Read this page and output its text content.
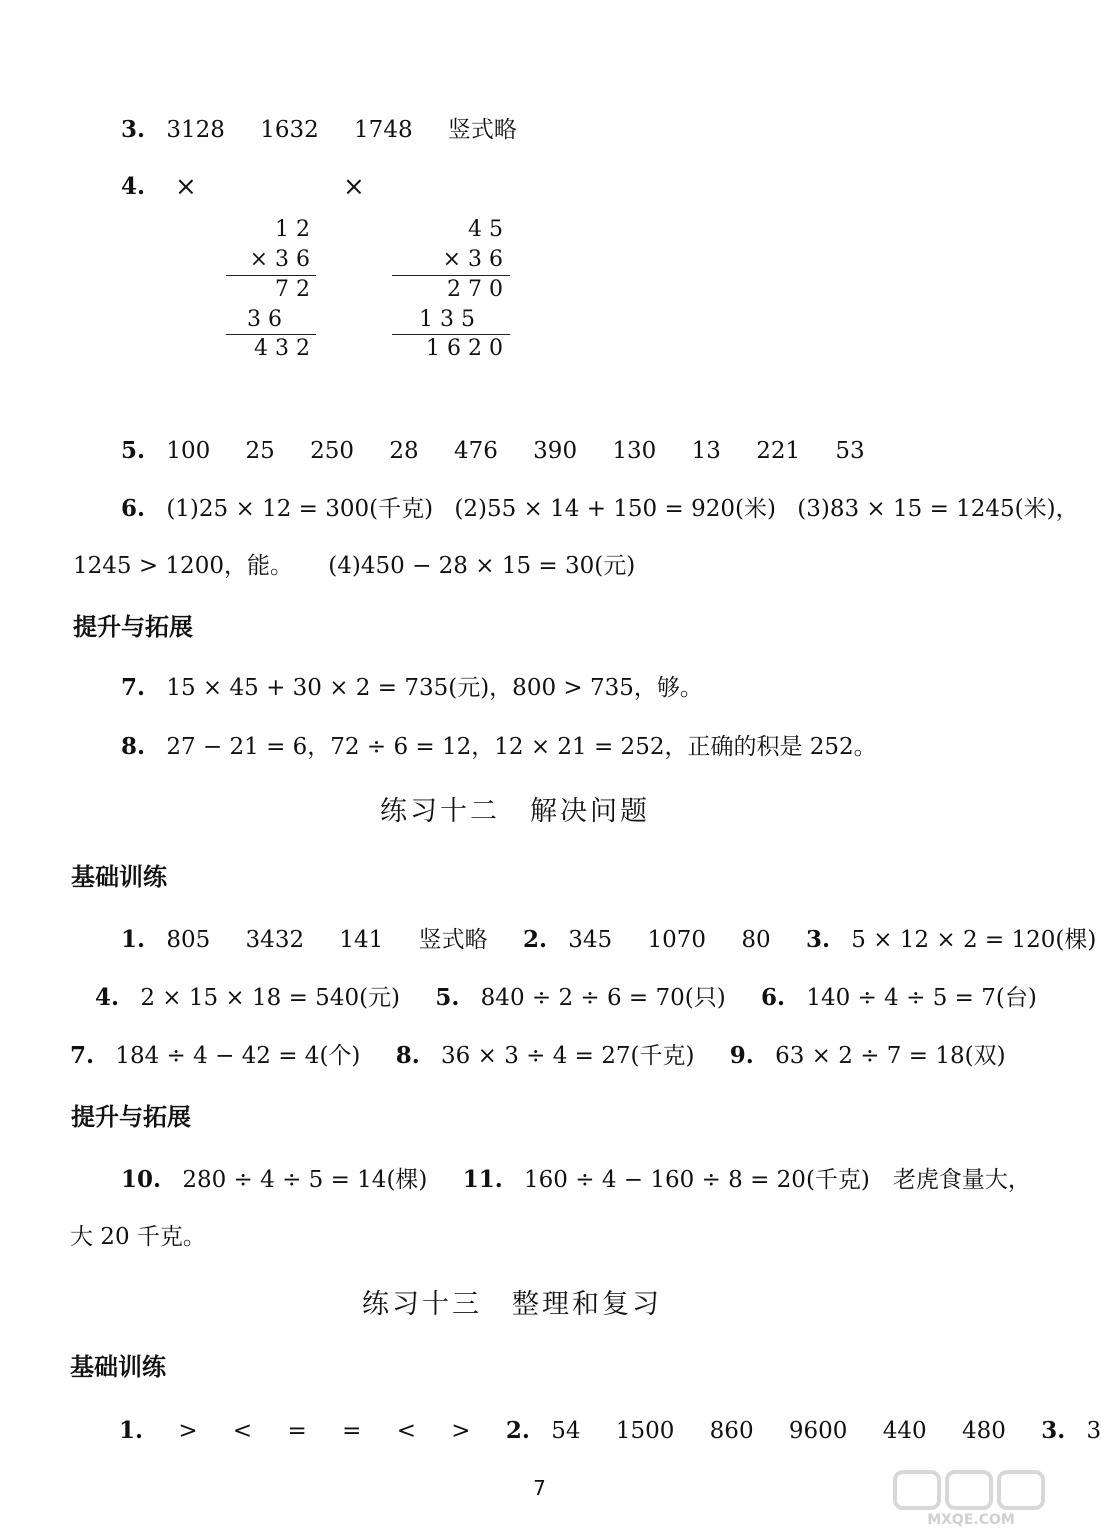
3. 3128 1632 1748 竖式略
4. ×	×
1 2
× 3 6
7 2
3 6
4 3 2
4 5
× 3 6
2 7 0
1 3 5
1 6 2 0
5. 100 25 250 28 476 390 130 13 221 53
6. (1)25 × 12 = 300(千克) (2)55 × 14 + 150 = 920(米) (3)83 × 15 = 1245(米)，
1245 > 1200，能。 (4)450 − 28 × 15 = 30(元)
提升与拓展
7. 15 × 45 + 30 × 2 = 735(元)，800 > 735，够。
8. 27 − 21 = 6，72 ÷ 6 = 12，12 × 21 = 252，正确的积是 252。
练习十二　解决问题
基础训练
1. 805 3432 141 竖式略 2. 345 1070 80 3. 5 × 12 × 2 = 120(棵)
4. 2 × 15 × 18 = 540(元) 5. 840 ÷ 2 ÷ 6 = 70(只) 6. 140 ÷ 4 ÷ 5 = 7(台)
7. 184 ÷ 4 − 42 = 4(个) 8. 36 × 3 ÷ 4 = 27(千克) 9. 63 × 2 ÷ 7 = 18(双)
提升与拓展
10. 280 ÷ 4 ÷ 5 = 14(棵) 11. 160 ÷ 4 − 160 ÷ 8 = 20(千克)　老虎食量大，
大 20 千克。
练习十三　整理和复习
基础训练
1. > < = = < > 2. 54 1500 860 9600 440 480 3. 3
7
MXQE.COM
